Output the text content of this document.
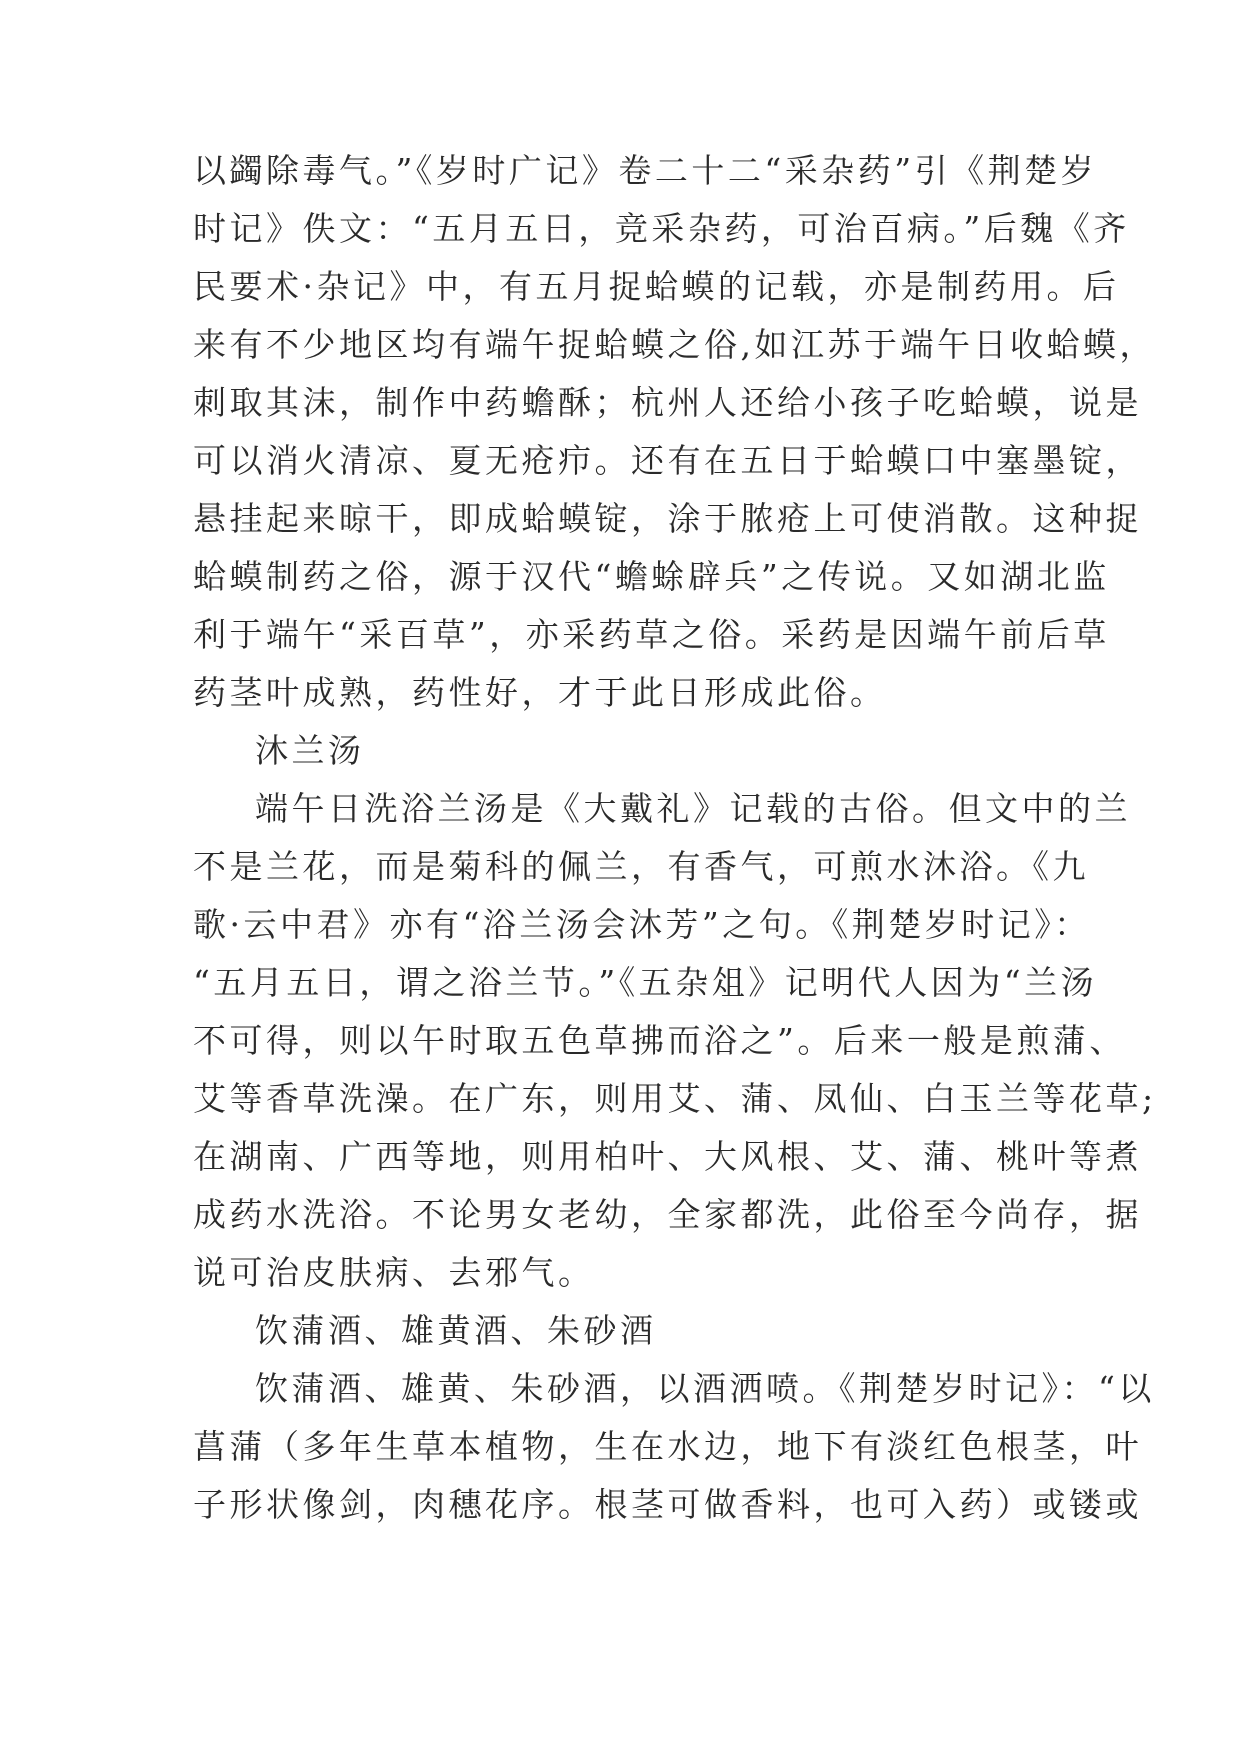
以蠲除毒气。”《岁时广记》卷二十二“采杂药”引《荆楚岁
时记》佚文：“五月五日，竞采杂药，可治百病。”后魏《齐
民要术·杂记》中，有五月捉蛤蟆的记载，亦是制药用。后
来有不少地区均有端午捉蛤蟆之俗,如江苏于端午日收蛤蟆，
刺取其沫，制作中药蟾酥；杭州人还给小孩子吃蛤蟆，说是
可以消火清凉、夏无疮疖。还有在五日于蛤蟆口中塞墨锭，
悬挂起来晾干，即成蛤蟆锭，涂于脓疮上可使消散。这种捉
蛤蟆制药之俗，源于汉代“蟾蜍辟兵”之传说。又如湖北监
利于端午“采百草”，亦采药草之俗。采药是因端午前后草
药茎叶成熟，药性好，才于此日形成此俗。
沐兰汤
端午日洗浴兰汤是《大戴礼》记载的古俗。但文中的兰
不是兰花，而是菊科的佩兰，有香气，可煎水沐浴。《九
歌·云中君》亦有“浴兰汤会沐芳”之句。《荆楚岁时记》：
“五月五日，谓之浴兰节。”《五杂俎》记明代人因为“兰汤
不可得，则以午时取五色草拂而浴之”。后来一般是煎蒲、
艾等香草洗澡。在广东，则用艾、蒲、凤仙、白玉兰等花草;
在湖南、广西等地，则用柏叶、大风根、艾、蒲、桃叶等煮
成药水洗浴。不论男女老幼，全家都洗，此俗至今尚存，据
说可治皮肤病、去邪气。
饮蒲酒、雄黄酒、朱砂酒
饮蒲酒、雄黄、朱砂酒，以酒洒喷。《荆楚岁时记》：“以
菖蒲（多年生草本植物，生在水边，地下有淡红色根茎，叶
子形状像剑，肉穗花序。根茎可做香料，也可入药）或镂或
